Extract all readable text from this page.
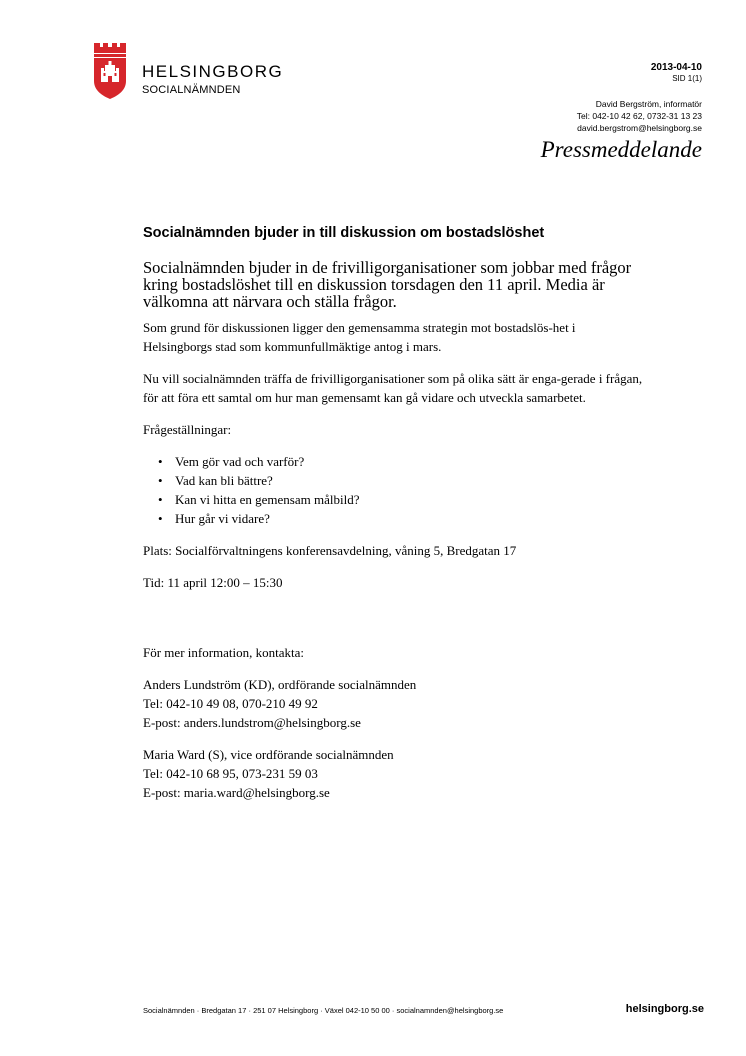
HELSINGBORG
SOCIALNÄMNDEN
2013-04-10
SID 1(1)
David Bergström, informatör
Tel: 042-10 42 62, 0732-31 13 23
david.bergstrom@helsingborg.se
Pressmeddelande
Socialnämnden bjuder in till diskussion om bostadslöshet
Socialnämnden bjuder in de frivilligorganisationer som jobbar med frågor kring bostadslöshet till en diskussion torsdagen den 11 april. Media är välkomna att närvara och ställa frågor.

Som grund för diskussionen ligger den gemensamma strategin mot bostadslös-het i Helsingborgs stad som kommunfullmäktige antog i mars.

Nu vill socialnämnden träffa de frivilligorganisationer som på olika sätt är enga-gerade i frågan, för att föra ett samtal om hur man gemensamt kan gå vidare och utveckla samarbetet.

Frågeställningar:

• Vem gör vad och varför?
• Vad kan bli bättre?
• Kan vi hitta en gemensam målbild?
• Hur går vi vidare?

Plats: Socialförvaltningens konferensavdelning, våning 5, Bredgatan 17

Tid: 11 april 12:00 – 15:30

För mer information, kontakta:

Anders Lundström (KD), ordförande socialnämnden
Tel: 042-10 49 08, 070-210 49 92
E-post: anders.lundstrom@helsingborg.se

Maria Ward (S), vice ordförande socialnämnden
Tel: 042-10 68 95, 073-231 59 03
E-post: maria.ward@helsingborg.se

Socialnämnden · Bredgatan 17 · 251 07 Helsingborg · Växel 042-10 50 00 · socialnamnden@helsingborg.se	helsingborg.se
